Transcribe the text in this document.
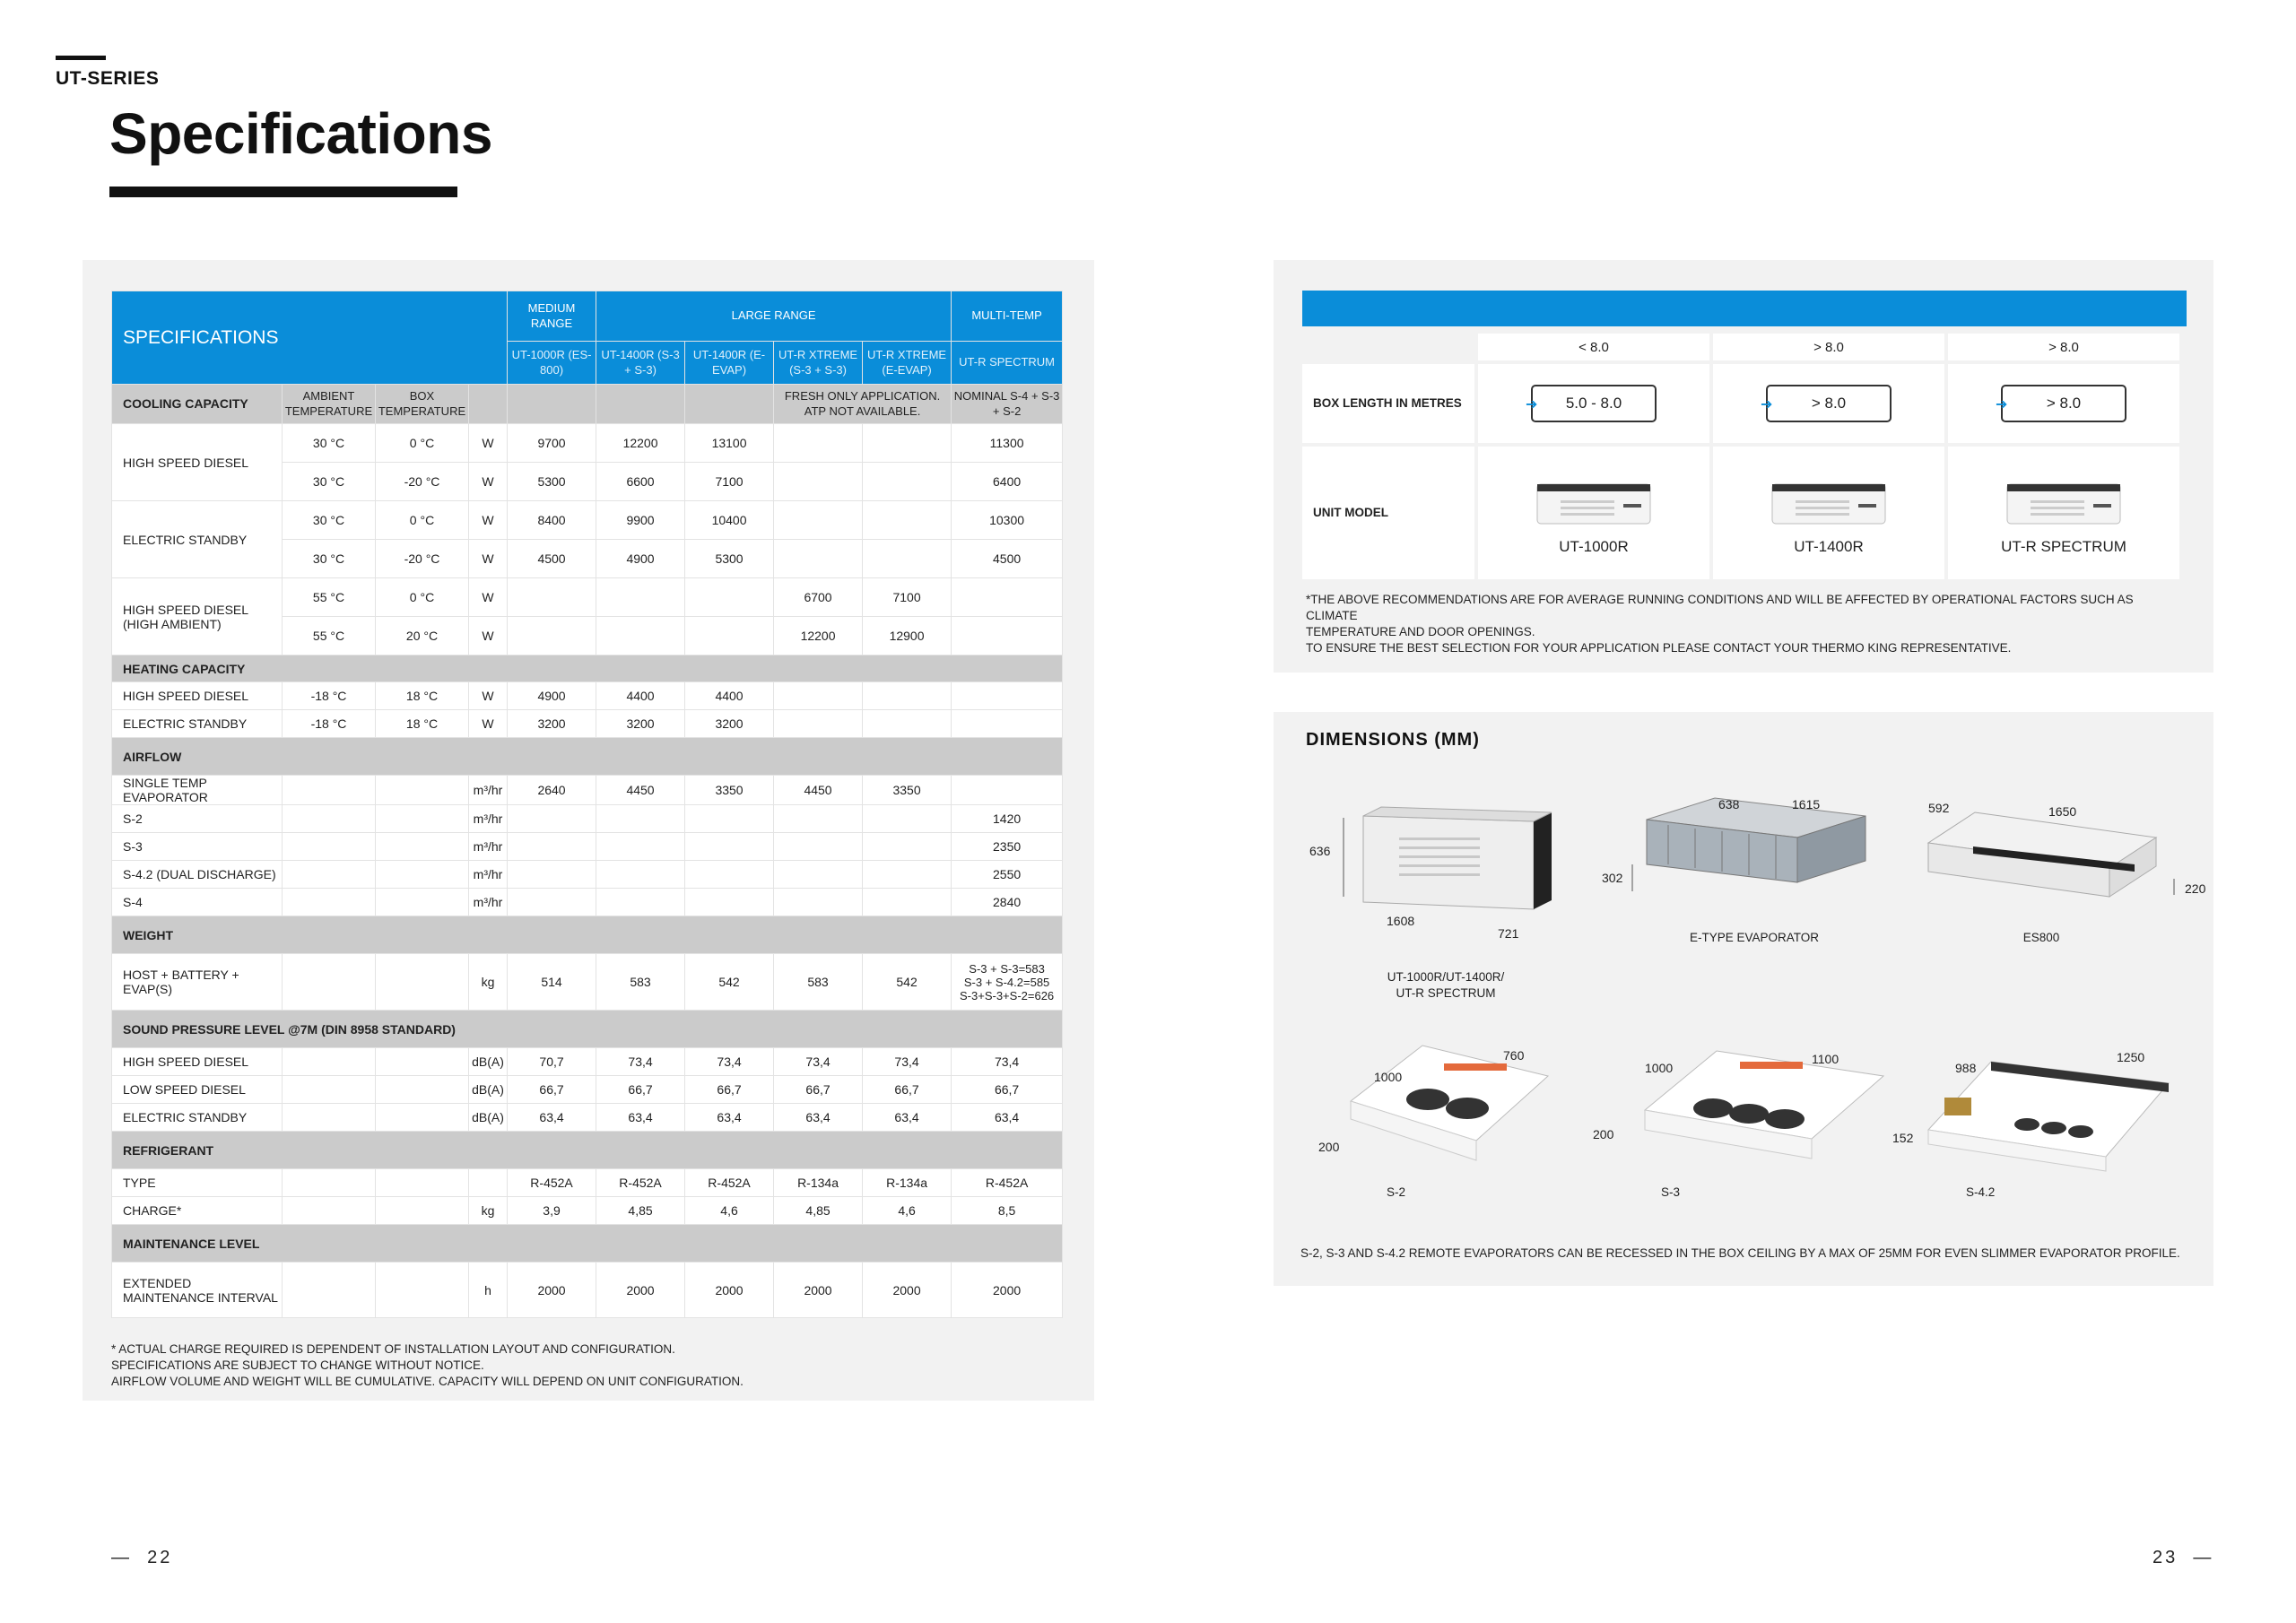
UT-SERIES
Specifications
SPECIFICATIONS				MEDIUM RANGE	LARGE RANGE				MULTI-TEMP
				UT-1000R (ES-800)	UT-1400R (S-3 + S-3)	UT-1400R (E-EVAP)	UT-R XTREME (S-3 + S-3)	UT-R XTREME (E-EVAP)	UT-R SPECTRUM
COOLING CAPACITY	AMBIENT TEMPERATURE	BOX TEMPERATURE					FRESH ONLY APPLICATION. ATP NOT AVAILABLE.		NOMINAL S-4 + S-3 + S-2
HIGH SPEED DIESEL	30 °C	0 °C	W	9700	12200	13100			11300
	30 °C	-20 °C	W	5300	6600	7100			6400
ELECTRIC STANDBY	30 °C	0 °C	W	8400	9900	10400			10300
	30 °C	-20 °C	W	4500	4900	5300			4500
HIGH SPEED DIESEL (HIGH AMBIENT)	55 °C	0 °C	W				6700	7100	
	55 °C	20 °C	W				12200	12900	
HEATING CAPACITY									
HIGH SPEED DIESEL	-18 °C	18 °C	W	4900	4400	4400			
ELECTRIC STANDBY	-18 °C	18 °C	W	3200	3200	3200			
AIRFLOW									
SINGLE TEMP EVAPORATOR			m³/hr	2640	4450	3350	4450	3350	
S-2			m³/hr						1420
S-3			m³/hr						2350
S-4.2 (DUAL DISCHARGE)			m³/hr						2550
S-4			m³/hr						2840
WEIGHT									
HOST + BATTERY + EVAP(S)			kg	514	583	542	583	542	S-3 + S-3=583
S-3 + S-4.2=585
S-3+S-3+S-2=626

SOUND PRESSURE LEVEL @7M (DIN 8958 STANDARD)									
HIGH SPEED DIESEL			dB(A)	70,7	73,4	73,4	73,4	73,4	73,4
LOW SPEED DIESEL			dB(A)	66,7	66,7	66,7	66,7	66,7	66,7
ELECTRIC STANDBY			dB(A)	63,4	63,4	63,4	63,4	63,4	63,4
REFRIGERANT									
TYPE				R-452A	R-452A	R-452A	R-134a	R-134a	R-452A
CHARGE*			kg	3,9	4,85	4,6	4,85	4,6	8,5
MAINTENANCE LEVEL									
EXTENDED MAINTENANCE INTERVAL			h	2000	2000	2000	2000	2000	2000
* ACTUAL CHARGE REQUIRED IS DEPENDENT OF INSTALLATION LAYOUT AND CONFIGURATION.
SPECIFICATIONS ARE SUBJECT TO CHANGE WITHOUT NOTICE.
AIRFLOW VOLUME AND WEIGHT WILL BE CUMULATIVE. CAPACITY WILL DEPEND ON UNIT CONFIGURATION.
	< 8.0	> 8.0	> 8.0
BOX LENGTH IN METRES	➔ 5.0 - 8.0	➔ > 8.0	➔ > 8.0

UNIT MODEL	UT-1000R	UT-1400R	UT-R SPECTRUM
*THE ABOVE RECOMMENDATIONS ARE FOR AVERAGE RUNNING CONDITIONS AND WILL BE AFFECTED BY OPERATIONAL FACTORS SUCH AS CLIMATE
TEMPERATURE AND DOOR OPENINGS.
TO ENSURE THE BEST SELECTION FOR YOUR APPLICATION PLEASE CONTACT YOUR THERMO KING REPRESENTATIVE.
DIMENSIONS (MM)
636
1608
721
UT-1000R/UT-1400R/
UT-R SPECTRUM
638	1615
302
E-TYPE EVAPORATOR
592	1650
220
ES800
1000
760
200
S-2
1000
1100
200
S-3
988
1250
152
S-4.2
S-2, S-3 AND S-4.2 REMOTE EVAPORATORS CAN BE RECESSED IN THE BOX CEILING BY A MAX OF 25MM FOR EVEN SLIMMER EVAPORATOR PROFILE.
—  22	23  —
